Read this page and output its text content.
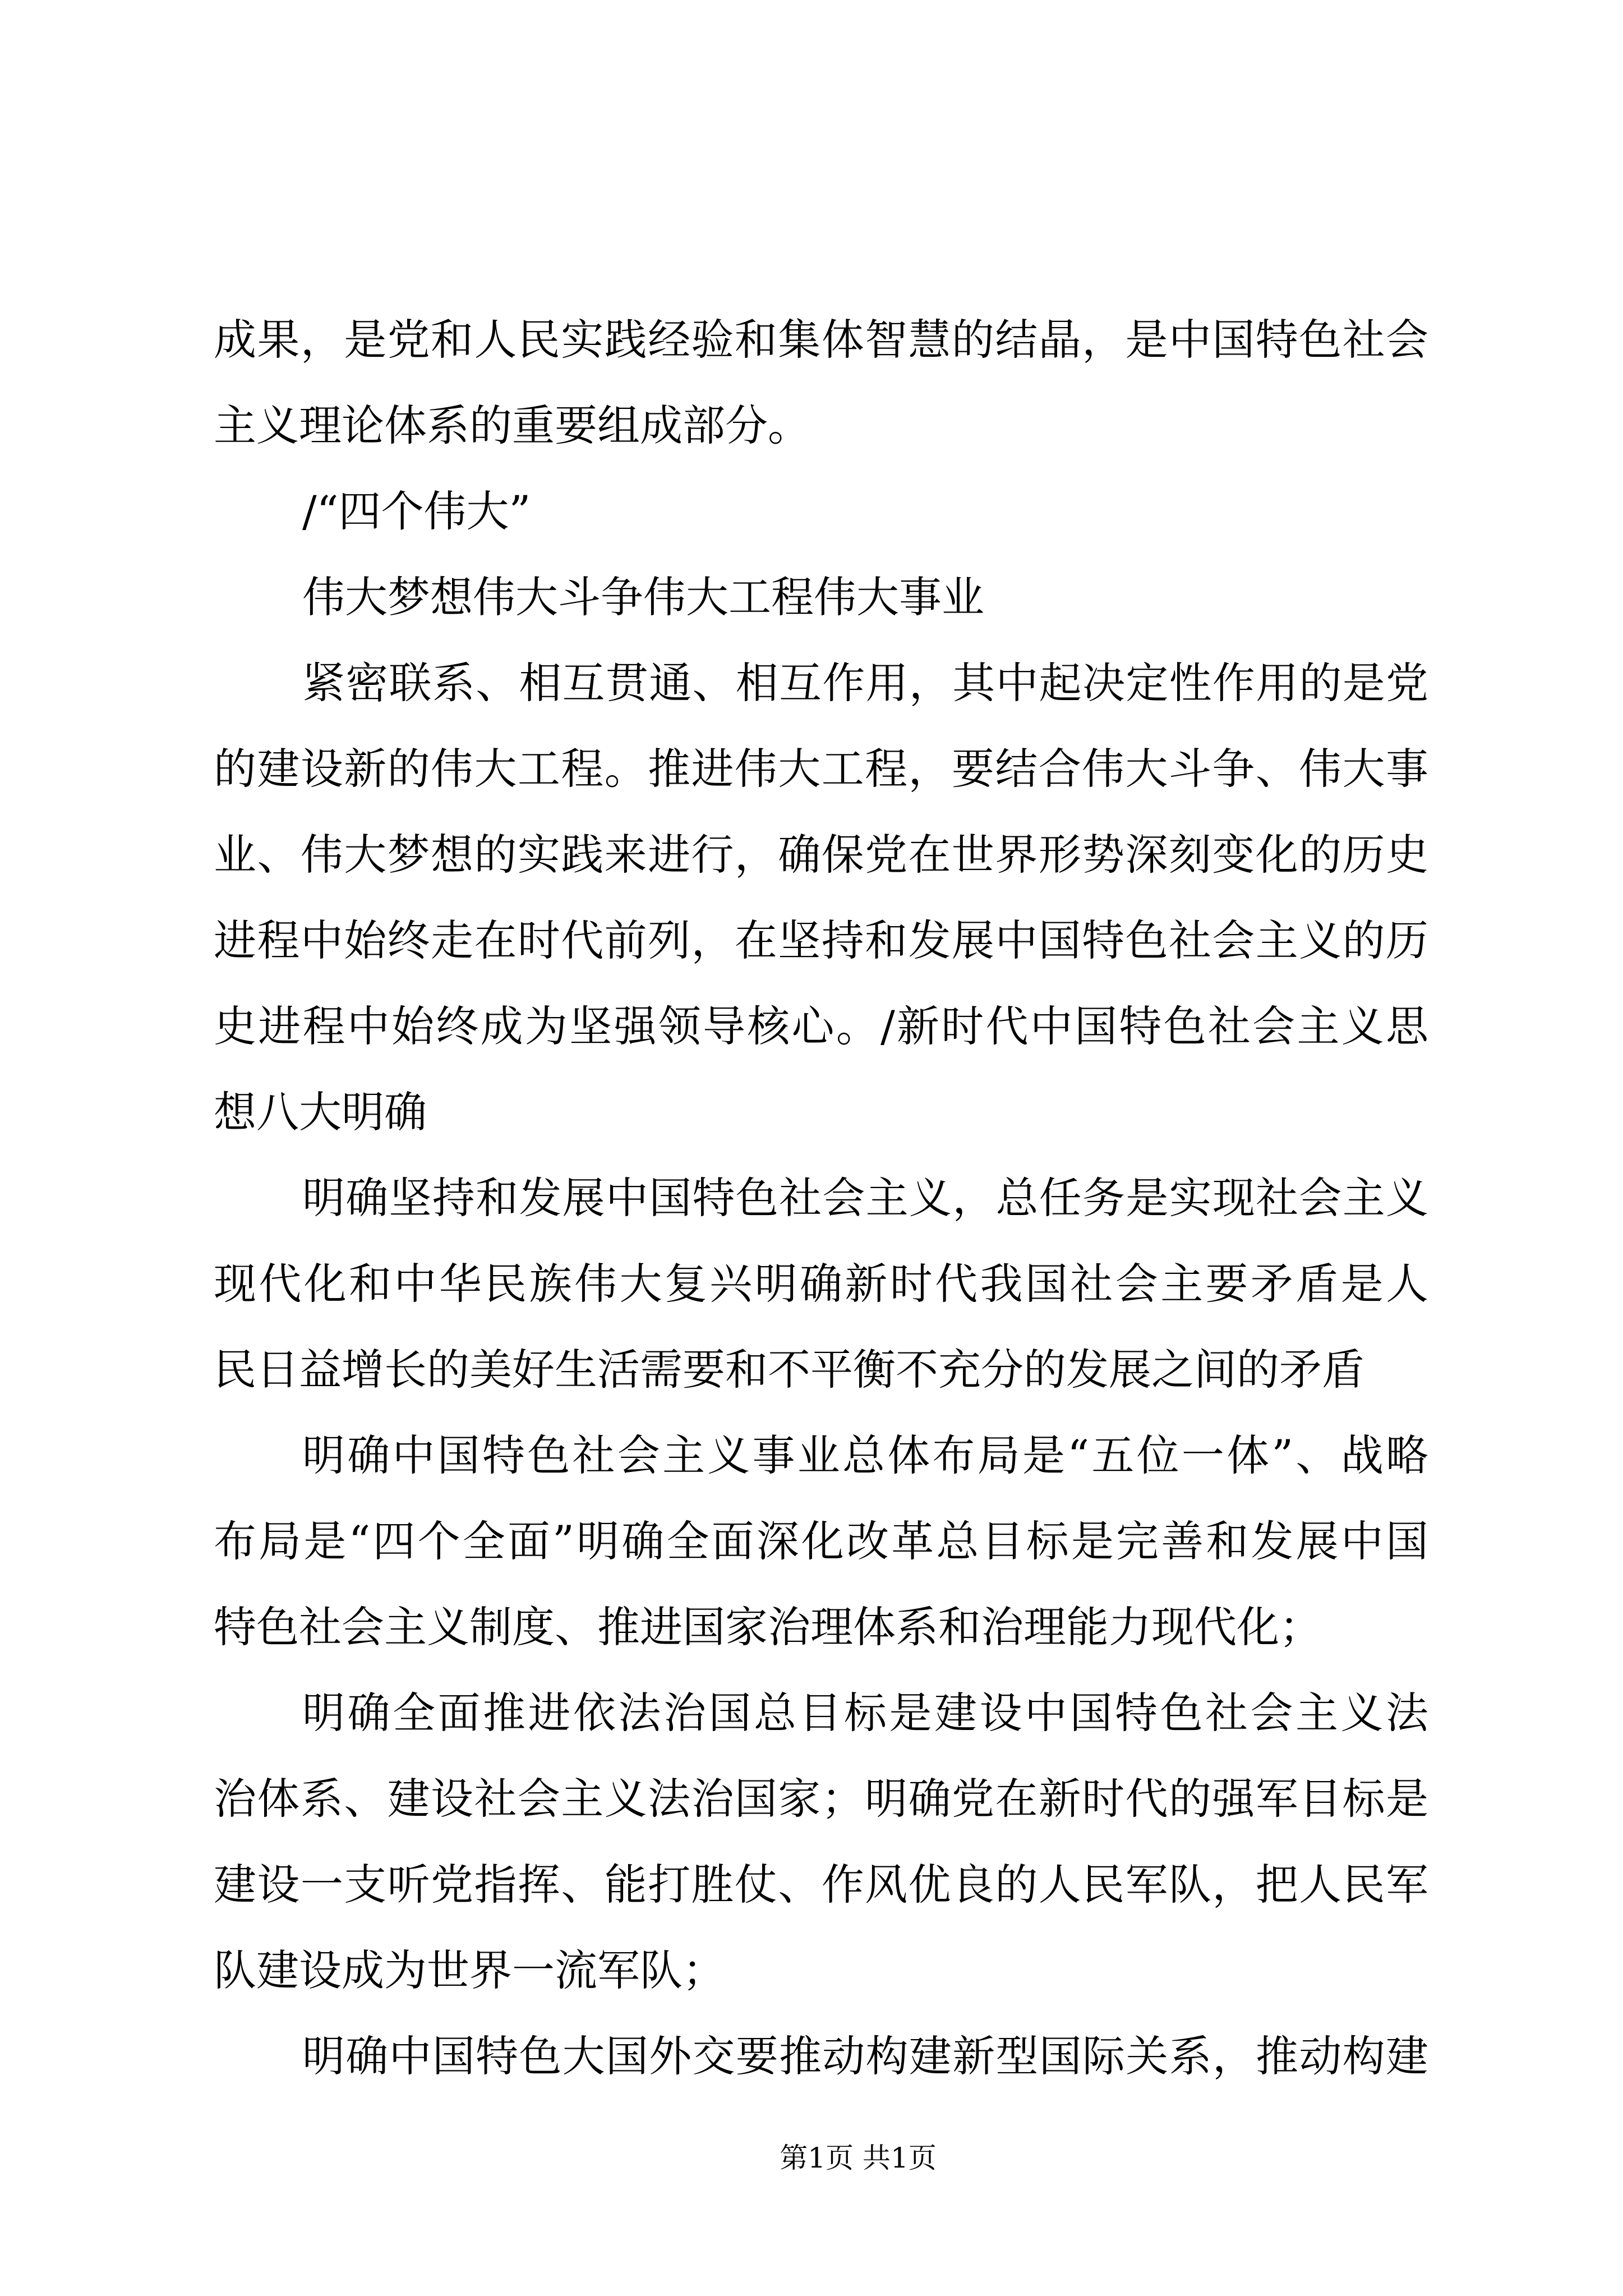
成果，是党和人民实践经验和集体智慧的结晶，是中国特色社会
主义理论体系的重要组成部分。
/“四个伟大”
伟大梦想伟大斗争伟大工程伟大事业
紧密联系、相互贯通、相互作用，其中起决定性作用的是党
的建设新的伟大工程。推进伟大工程，要结合伟大斗争、伟大事
业、伟大梦想的实践来进行，确保党在世界形势深刻变化的历史
进程中始终走在时代前列，在坚持和发展中国特色社会主义的历
史进程中始终成为坚强领导核心。/新时代中国特色社会主义思
想八大明确
明确坚持和发展中国特色社会主义，总任务是实现社会主义
现代化和中华民族伟大复兴明确新时代我国社会主要矛盾是人
民日益增长的美好生活需要和不平衡不充分的发展之间的矛盾
明确中国特色社会主义事业总体布局是“五位一体”、战略
布局是“四个全面”明确全面深化改革总目标是完善和发展中国
特色社会主义制度、推进国家治理体系和治理能力现代化；
明确全面推进依法治国总目标是建设中国特色社会主义法
治体系、建设社会主义法治国家；明确党在新时代的强军目标是
建设一支听党指挥、能打胜仗、作风优良的人民军队，把人民军
队建设成为世界一流军队；
明确中国特色大国外交要推动构建新型国际关系，推动构建
第1页 共1页
